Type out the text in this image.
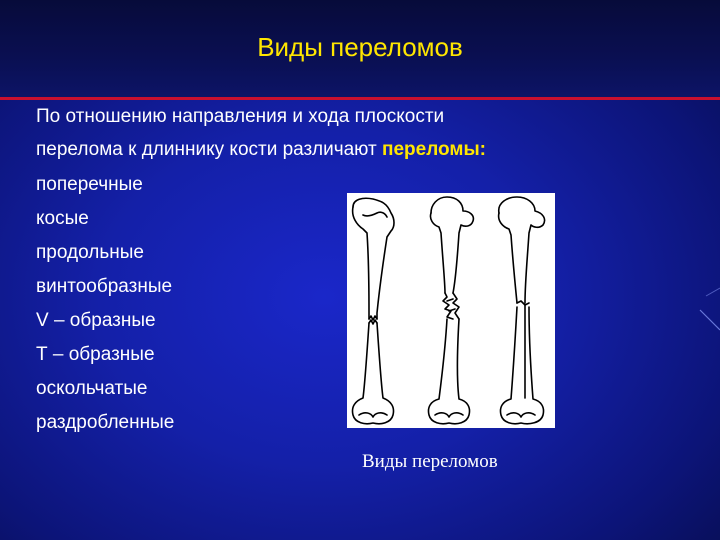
Виды переломов
По отношению направления и хода плоскости
перелома к длиннику кости различают переломы:
поперечные
косые
продольные
винтообразные
V – образные
Т – образные
оскольчатые
раздробленные
Виды переломов
